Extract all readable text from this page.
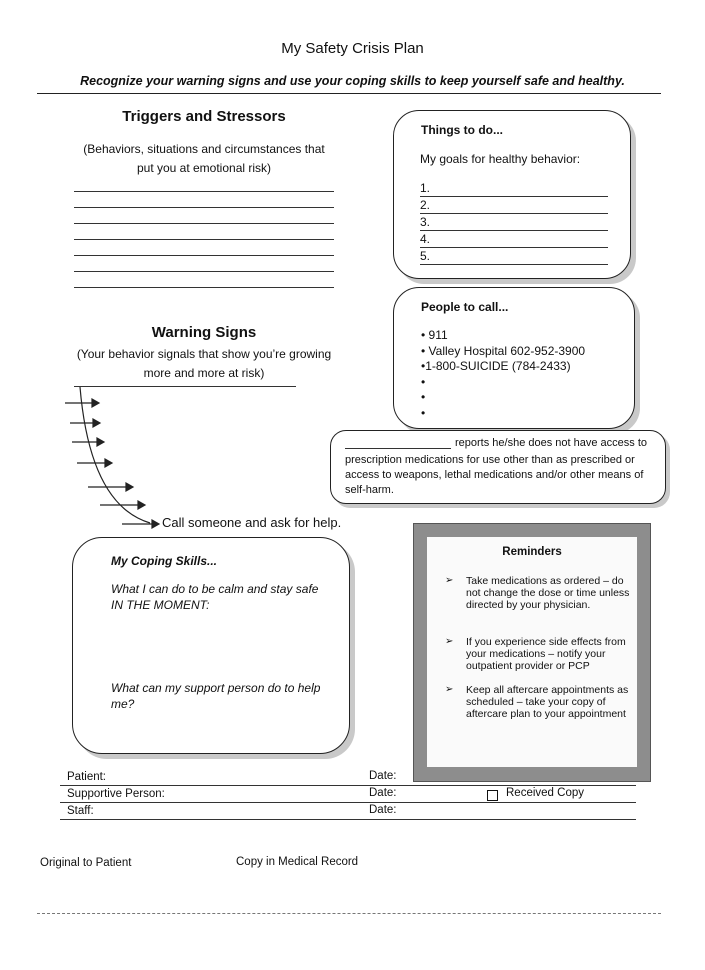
My Safety Crisis Plan
Recognize your warning signs and use your coping skills to keep yourself safe and healthy.
Triggers and Stressors
(Behaviors, situations and circumstances that put you at emotional risk)
Warning Signs
(Your behavior signals that show you’re growing more and more at risk)
Call someone and ask for help.
Things to do...
My goals for healthy behavior:
1.
2.
3.
4.
5.
People to call...
• 911
• Valley Hospital 602-952-3900
•1-800-SUICIDE (784-2433)
•
•
•
reports he/she does not have access to
prescription medications for use other than as prescribed or access to weapons, lethal medications and/or other means of self-harm.
My Coping Skills...
What I can do to be calm and stay safe IN THE MOMENT:
What can my support person do to help me?
Reminders
➢ Take medications as ordered – do not change the dose or time unless directed by your physician.
➢ If you experience side effects from your medications – notify your outpatient provider or PCP
➢ Keep all aftercare appointments as scheduled – take your copy of aftercare plan to your appointment
Patient:	Date:
Supportive Person:	Date:	Received Copy
Staff:	Date:
Original to Patient	Copy in Medical Record
